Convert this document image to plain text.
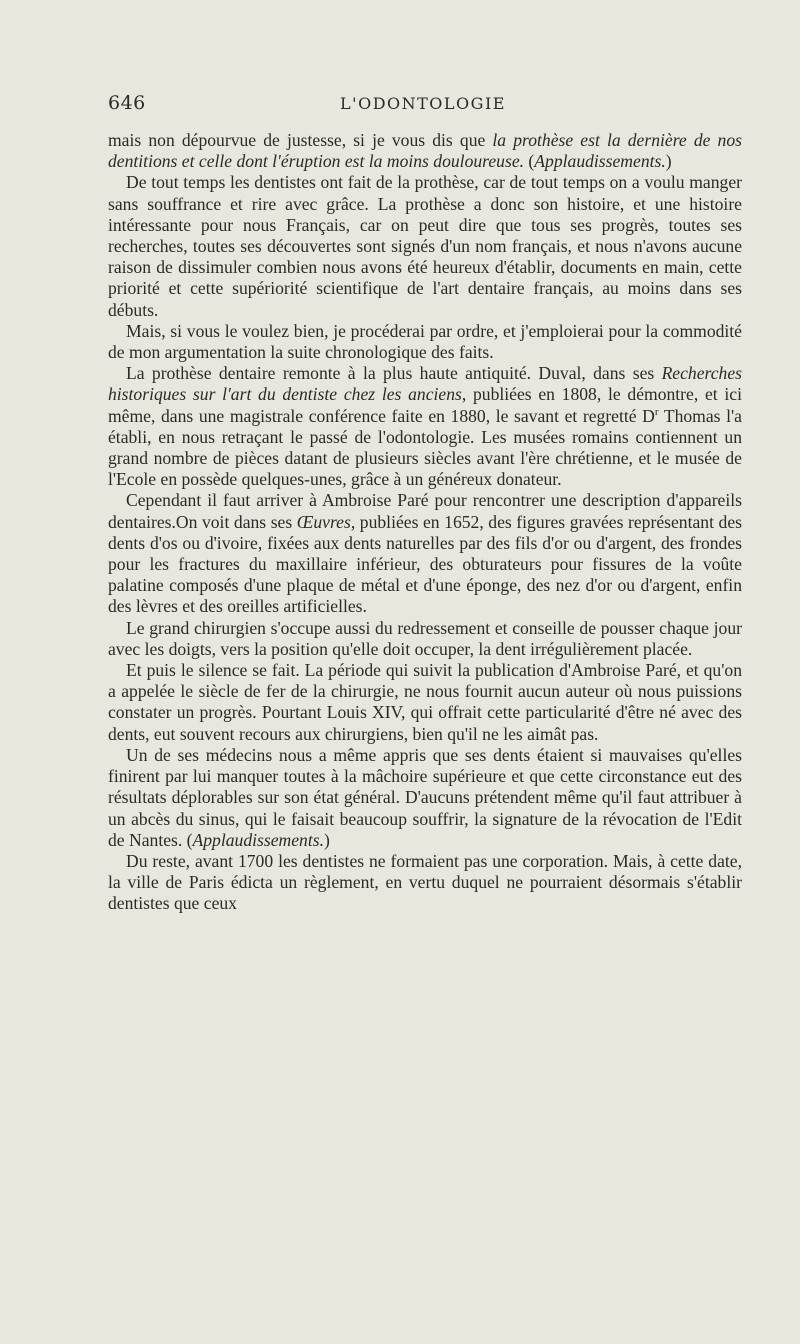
646	L'ODONTOLOGIE

mais non dépourvue de justesse, si je vous dis que la prothèse est la dernière de nos dentitions et celle dont l'éruption est la moins douloureuse. (Applaudissements.)

De tout temps les dentistes ont fait de la prothèse, car de tout temps on a voulu manger sans souffrance et rire avec grâce. La prothèse a donc son histoire, et une histoire intéressante pour nous Français, car on peut dire que tous ses progrès, toutes ses recherches, toutes ses découvertes sont signés d'un nom français, et nous n'avons aucune raison de dissimuler combien nous avons été heureux d'établir, documents en main, cette priorité et cette supériorité scientifique de l'art dentaire français, au moins dans ses débuts.

Mais, si vous le voulez bien, je procéderai par ordre, et j'emploierai pour la commodité de mon argumentation la suite chronologique des faits.

La prothèse dentaire remonte à la plus haute antiquité. Duval, dans ses Recherches historiques sur l'art du dentiste chez les anciens, publiées en 1808, le démontre, et ici même, dans une magistrale conférence faite en 1880, le savant et regretté $D^r$ Thomas l'a établi, en nous retraçant le passé de l'odontologie. Les musées romains contiennent un grand nombre de pièces datant de plusieurs siècles avant l'ère chrétienne, et le musée de l'Ecole en possède quelques-unes, grâce à un généreux donateur.

Cependant il faut arriver à Ambroise Paré pour rencontrer une description d'appareils dentaires.On voit dans ses Œuvres, publiées en 1652, des figures gravées représentant des dents d'os ou d'ivoire, fixées aux dents naturelles par des fils d'or ou d'argent, des frondes pour les fractures du maxillaire inférieur, des obturateurs pour fissures de la voûte palatine composés d'une plaque de métal et d'une éponge, des nez d'or ou d'argent, enfin des lèvres et des oreilles artificielles.

Le grand chirurgien s'occupe aussi du redressement et conseille de pousser chaque jour avec les doigts, vers la position qu'elle doit occuper, la dent irrégulièrement placée.

Et puis le silence se fait. La période qui suivit la publication d'Ambroise Paré, et qu'on a appelée le siècle de fer de la chirurgie, ne nous fournit aucun auteur où nous puissions constater un progrès. Pourtant Louis XIV, qui offrait cette particularité d'être né avec des dents, eut souvent recours aux chirurgiens, bien qu'il ne les aimât pas.

Un de ses médecins nous a même appris que ses dents étaient si mauvaises qu'elles finirent par lui manquer toutes à la mâchoire supérieure et que cette circonstance eut des résultats déplorables sur son état général. D'aucuns prétendent même qu'il faut attribuer à un abcès du sinus, qui le faisait beaucoup souffrir, la signature de la révocation de l'Edit de Nantes. (Applaudissements.)

Du reste, avant 1700 les dentistes ne formaient pas une corporation. Mais, à cette date, la ville de Paris édicta un règlement, en vertu duquel ne pourraient désormais s'établir dentistes que ceux
